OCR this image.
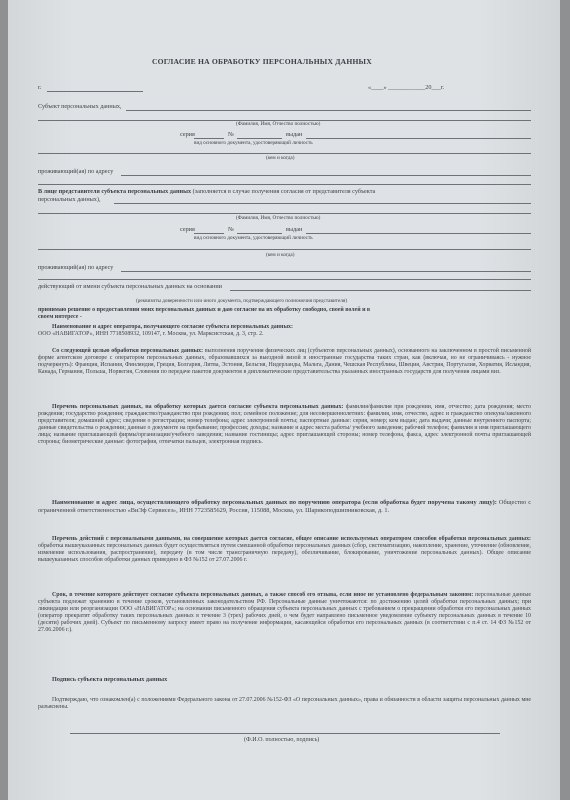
СОГЛАСИЕ НА ОБРАБОТКУ ПЕРСОНАЛЬНЫХ ДАННЫХ
г.	«____» ____________20___г.
Субъект персональных данных,
(Фамилия, Имя, Отчество полностью)
серия	№	выдан
вид основного документа, удостоверяющий личность
(кем и когда)
проживающий(ая) по адресу
В лице представителя субъекта персональных данных (заполняется в случае получения согласия от представителя субъекта
персональных данных),
(Фамилия, Имя, Отчество полностью)
серия	№	выдан
вид основного документа, удостоверяющий личность
(кем и когда)
проживающий(ая) по адресу
действующий от имени субъекта персональных данных на основании
(реквизиты доверенности или иного документа, подтверждающего полномочия представителя)
принимаю решение о предоставлении моих персональных данных и даю согласие на их обработку свободно, своей волей и в
своем интересе -
Наименование и адрес оператора, получающего согласие субъекта персональных данных:
ООО «НАВИГАТОР», ИНН 7718508932, 109147, г. Москва, ул. Марксистская, д. 3, стр. 2.
Со следующей целью обработки персональных данных: выполнения поручения физических лиц (субъектов персональных данных), основанного на заключенном в простой письменной форме агентском договоре с оператором персональных данных, образовавшихся за выездной визой в иностранные государства таких стран, как (включая, но не ограничиваясь - нужное подчеркнуть): Франция, Испания, Финляндия, Греция, Болгария, Литва, Эстония, Бельгия, Нидерланды, Мальта, Дания, Чешская Республика, Швеция, Австрия, Португалия, Хорватия, Исландия, Канада, Германия, Польша, Норвегия, Словения по передаче пакетов документов в дипломатические представительства указанных иностранных государств для получения лицами виз.
Перечень персональных данных, на обработку которых дается согласие субъекта персональных данных: фамилия/фамилия при рождении, имя, отчество; дата рождения; место рождения; государство рождения; гражданство/гражданство при рождении; пол; семейное положение; для несовершеннолетних: фамилия, имя, отчество, адрес и гражданство опекуна/законного представителя; домашний адрес; сведения о регистрации; номер телефона; адрес электронной почты; паспортные данные: серия, номер; кем выдан; дата выдачи; данные внутреннего паспорта; данные свидетельства о рождении; данные о документе на пребывание; профессия; доходы; название и адрес места работы/ учебного заведения; рабочий телефон; фамилия и имя приглашающего лица; название приглашающей фирмы/организации/учебного заведения; название гостиницы; адрес приглашающей стороны; номер телефона, факса, адрес электронной почты приглашающей стороны; биометрические данные: фотография, отпечатки пальцев, электронная подпись.
Наименование и адрес лица, осуществляющего обработку персональных данных по поручению оператора (если обработка будет поручена такому лицу): Общество с ограниченной ответственностью «ВиЭф Сервисез», ИНН 7723585629, Россия, 115088, Москва, ул. Шарикоподшипниковская, д. 1.
Перечень действий с персональными данными, на совершение которых дается согласие, общее описание используемых оператором способов обработки персональных данных: обработка вышеуказанных персональных данных будет осуществляться путем смешанной обработки персональных данных (сбор, систематизацию, накопление, хранение, уточнение (обновление, изменение использования, распространение), передачу (в том числе трансграничную передачу), обезличивание, блокирование, уничтожение персональных данных). Общее описание вышеуказанных способов обработки данных приведено в ФЗ №152 от 27.07.2006 г.
Срок, в течение которого действует согласие субъекта персональных данных, а также способ его отзыва, если иное не установлено федеральным законом: персональные данные субъекта подлежат хранению в течение сроков, установленных законодательством РФ. Персональные данные уничтожаются: по достижению целей обработки персональных данных; при ликвидации или реорганизации ООО «НАВИГАТОР»; на основании письменного обращения субъекта персональных данных с требованием о прекращении обработки его персональных данных (оператор прекратит обработку таких персональных данных в течение 3 (трех) рабочих дней, о чем будет направлено письменное уведомление субъекту персональных данных в течение 10 (десяти) рабочих дней). Субъект по письменному запросу имеет право на получение информации, касающейся обработки его персональных данных (в соответствии с п.4 ст. 14 ФЗ №152 от 27.06.2006 г.).
Подпись субъекта персональных данных
Подтверждаю, что ознакомлен(а) с положениями Федерального закона от 27.07.2006 №152-ФЗ «О персональных данных», права и обязанности в области защиты персональных данных мне разъяснены.
(Ф.И.О. полностью, подпись)
